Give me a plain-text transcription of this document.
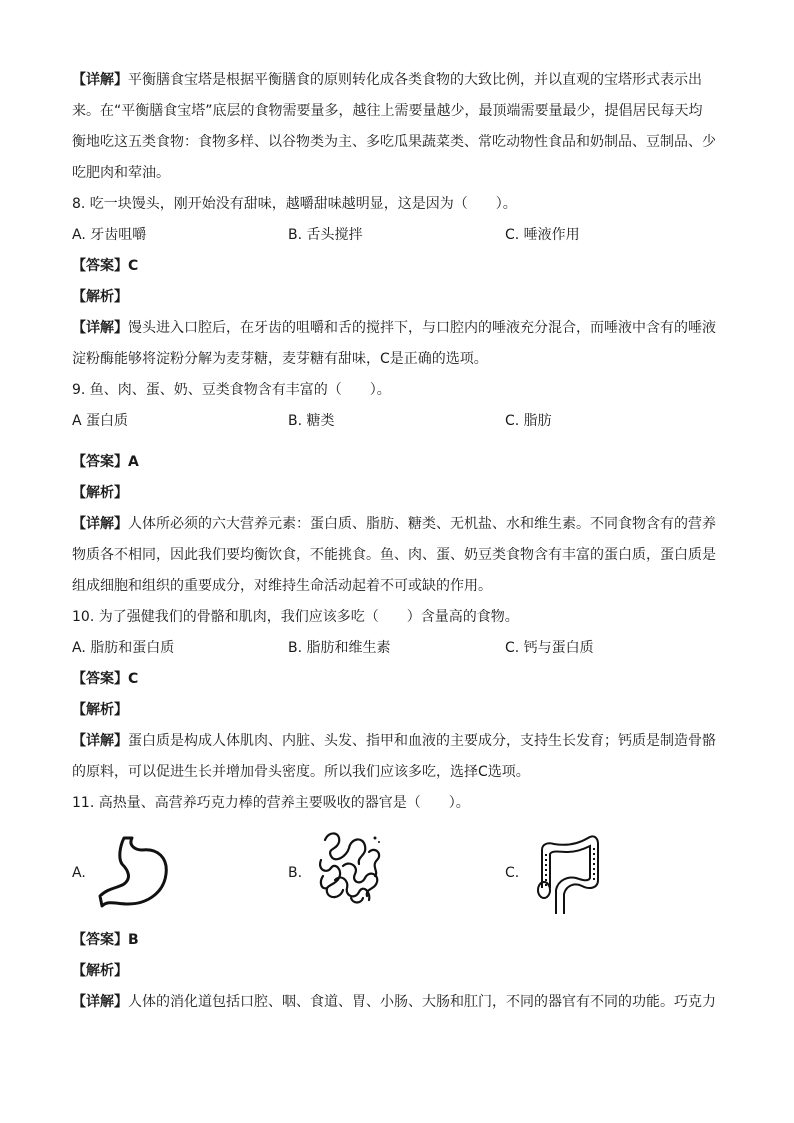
【详解】平衡膳食宝塔是根据平衡膳食的原则转化成各类食物的大致比例，并以直观的宝塔形式表示出
来。在“平衡膳食宝塔”底层的食物需要量多，越往上需要量越少，最顶端需要量最少，提倡居民每天均
衡地吃这五类食物：食物多样、以谷物类为主、多吃瓜果蔬菜类、常吃动物性食品和奶制品、豆制品、少
吃肥肉和荤油。
8. 吃一块馒头，刚开始没有甜味，越嚼甜味越明显，这是因为（　　）。
A. 牙齿咀嚼	B. 舌头搅拌	C. 唾液作用
【答案】C
【解析】
【详解】馒头进入口腔后，在牙齿的咀嚼和舌的搅拌下，与口腔内的唾液充分混合，而唾液中含有的唾液
淀粉酶能够将淀粉分解为麦芽糖，麦芽糖有甜味，C是正确的选项。
9. 鱼、肉、蛋、奶、豆类食物含有丰富的（　　）。
A 蛋白质	B. 糖类	C. 脂肪
【答案】A
【解析】
【详解】人体所必须的六大营养元素：蛋白质、脂肪、糖类、无机盐、水和维生素。不同食物含有的营养
物质各不相同，因此我们要均衡饮食，不能挑食。鱼、肉、蛋、奶豆类食物含有丰富的蛋白质，蛋白质是
组成细胞和组织的重要成分，对维持生命活动起着不可或缺的作用。
10. 为了强健我们的骨骼和肌肉，我们应该多吃（　　）含量高的食物。
A. 脂肪和蛋白质	B. 脂肪和维生素	C. 钙与蛋白质
【答案】C
【解析】
【详解】蛋白质是构成人体肌肉、内脏、头发、指甲和血液的主要成分，支持生长发育；钙质是制造骨骼
的原料，可以促进生长并增加骨头密度。所以我们应该多吃，选择C选项。
11. 高热量、高营养巧克力棒的营养主要吸收的器官是（　　）。
A.	B.	C.
【答案】B
【解析】
【详解】人体的消化道包括口腔、咽、食道、胃、小肠、大肠和肛门，不同的器官有不同的功能。巧克力
